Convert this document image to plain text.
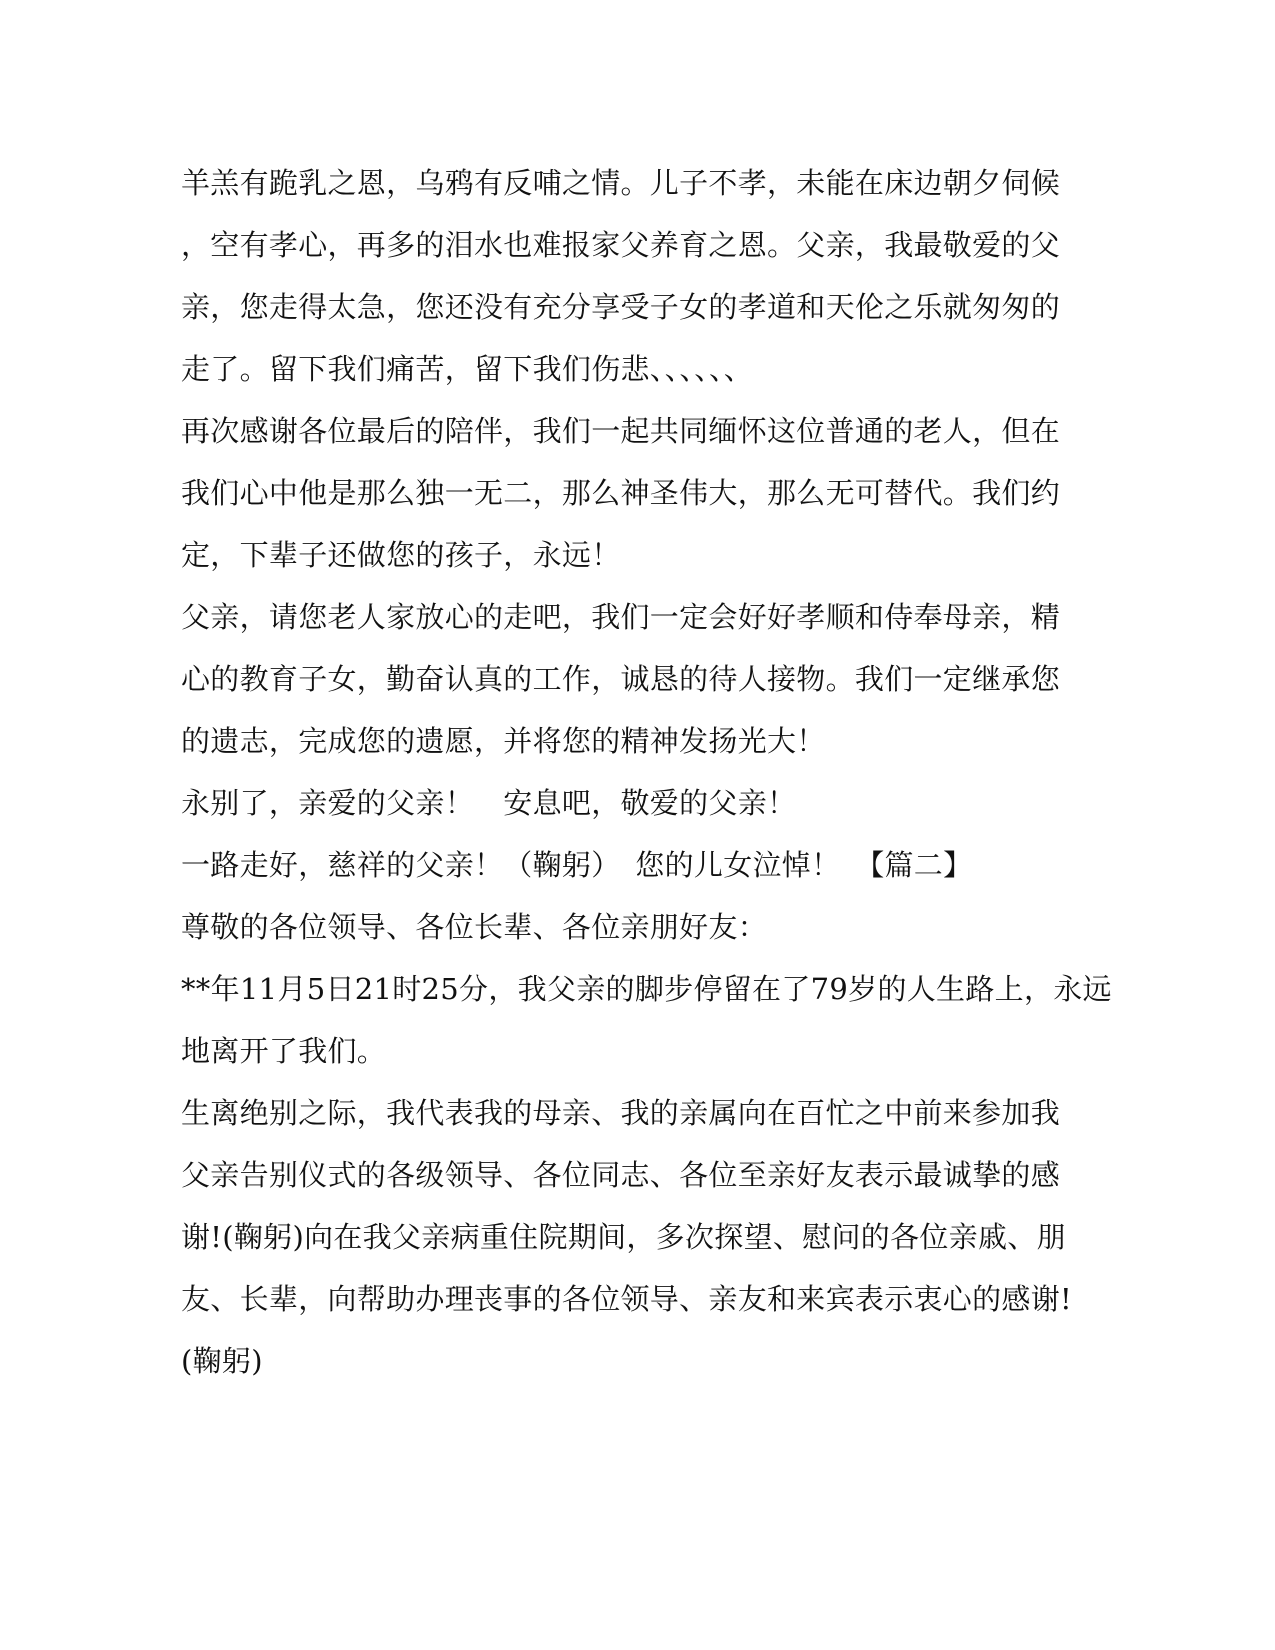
羊羔有跪乳之恩，乌鸦有反哺之情。儿子不孝，未能在床边朝夕伺候

，空有孝心，再多的泪水也难报家父养育之恩。父亲，我最敬爱的父

亲，您走得太急，您还没有充分享受子女的孝道和天伦之乐就匆匆的

走了。留下我们痛苦，留下我们伤悲、、、、、、

再次感谢各位最后的陪伴，我们一起共同缅怀这位普通的老人，但在

我们心中他是那么独一无二，那么神圣伟大，那么无可替代。我们约

定，下辈子还做您的孩子，永远！

父亲，请您老人家放心的走吧，我们一定会好好孝顺和侍奉母亲，精

心的教育子女，勤奋认真的工作，诚恳的待人接物。我们一定继承您

的遗志，完成您的遗愿，并将您的精神发扬光大！

永别了，亲爱的父亲！　安息吧，敬爱的父亲！

一路走好，慈祥的父亲！（鞠躬）　您的儿女泣悼！　【篇二】

尊敬的各位领导、各位长辈、各位亲朋好友：

**年11月5日21时25分，我父亲的脚步停留在了79岁的人生路上，永远

地离开了我们。

生离绝别之际，我代表我的母亲、我的亲属向在百忙之中前来参加我

父亲告别仪式的各级领导、各位同志、各位至亲好友表示最诚挚的感

谢!(鞠躬)向在我父亲病重住院期间，多次探望、慰问的各位亲戚、朋

友、长辈，向帮助办理丧事的各位领导、亲友和来宾表示衷心的感谢!

(鞠躬)
